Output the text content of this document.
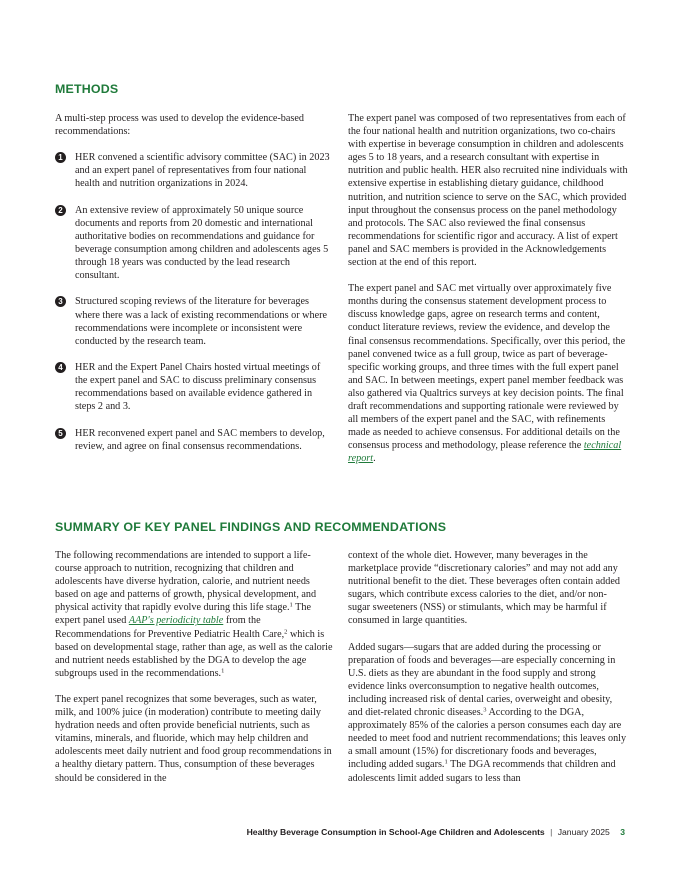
METHODS

A multi-step process was used to develop the evidence-based recommendations:

1	HER convened a scientific advisory committee (SAC) in 2023 and an expert panel of representatives from four national health and nutrition organizations in 2024.
2	An extensive review of approximately 50 unique source documents and reports from 20 domestic and international authoritative bodies on recommendations and guidance for beverage consumption among children and adolescents ages 5 through 18 years was conducted by the lead research consultant.
3	Structured scoping reviews of the literature for beverages where there was a lack of existing recommendations or where recommendations were incomplete or inconsistent were conducted by the research team.
4	HER and the Expert Panel Chairs hosted virtual meetings of the expert panel and SAC to discuss preliminary consensus recommendations based on available evidence gathered in steps 2 and 3.
5	HER reconvened expert panel and SAC members to develop, review, and agree on final consensus recommendations.

The expert panel was composed of two representatives from each of the four national health and nutrition organizations, two co-chairs with expertise in beverage consumption in children and adolescents ages 5 to 18 years, and a research consultant with expertise in nutrition and public health. HER also recruited nine individuals with extensive expertise in establishing dietary guidance, childhood nutrition, and nutrition science to serve on the SAC, which provided input throughout the consensus process on the panel methodology and protocols. The SAC also reviewed the final consensus recommendations for scientific rigor and accuracy. A list of expert panel and SAC members is provided in the Acknowledgements section at the end of this report.

The expert panel and SAC met virtually over approximately five months during the consensus statement development process to discuss knowledge gaps, agree on research terms and content, conduct literature reviews, review the evidence, and develop the final consensus recommendations. Specifically, over this period, the panel convened twice as a full group, twice as part of beverage-specific working groups, and three times with the full expert panel and SAC. In between meetings, expert panel member feedback was also gathered via Qualtrics surveys at key decision points. The final draft recommendations and supporting rationale were reviewed by all members of the expert panel and the SAC, with refinements made as needed to achieve consensus. For additional details on the consensus process and methodology, please reference the technical report.

SUMMARY OF KEY PANEL FINDINGS AND RECOMMENDATIONS

The following recommendations are intended to support a life-course approach to nutrition, recognizing that children and adolescents have diverse hydration, calorie, and nutrient needs based on age and patterns of growth, physical development, and physical activity that rapidly evolve during this life stage.$^1$ The expert panel used AAP's periodicity table from the Recommendations for Preventive Pediatric Health Care,$^2$ which is based on developmental stage, rather than age, as well as the calorie and nutrient needs established by the DGA to develop the age subgroups used in the recommendations.$^1$

The expert panel recognizes that some beverages, such as water, milk, and 100% juice (in moderation) contribute to meeting daily hydration needs and often provide beneficial nutrients, such as vitamins, minerals, and fluoride, which may help children and adolescents meet daily nutrient and food group recommendations in a healthy dietary pattern. Thus, consumption of these beverages should be considered in the

context of the whole diet. However, many beverages in the marketplace provide “discretionary calories” and may not add any nutritional benefit to the diet. These beverages often contain added sugars, which contribute excess calories to the diet, and/or non-sugar sweeteners (NSS) or stimulants, which may be harmful if consumed in large quantities.

Added sugars—sugars that are added during the processing or preparation of foods and beverages—are especially concerning in U.S. diets as they are abundant in the food supply and strong evidence links overconsumption to negative health outcomes, including increased risk of dental caries, overweight and obesity, and diet-related chronic diseases.$^3$ According to the DGA, approximately 85% of the calories a person consumes each day are needed to meet food and nutrient recommendations; this leaves only a small amount (15%) for discretionary foods and beverages, including added sugars.$^1$ The DGA recommends that children and adolescents limit added sugars to less than

Healthy Beverage Consumption in School-Age Children and Adolescents | January 2025 3
